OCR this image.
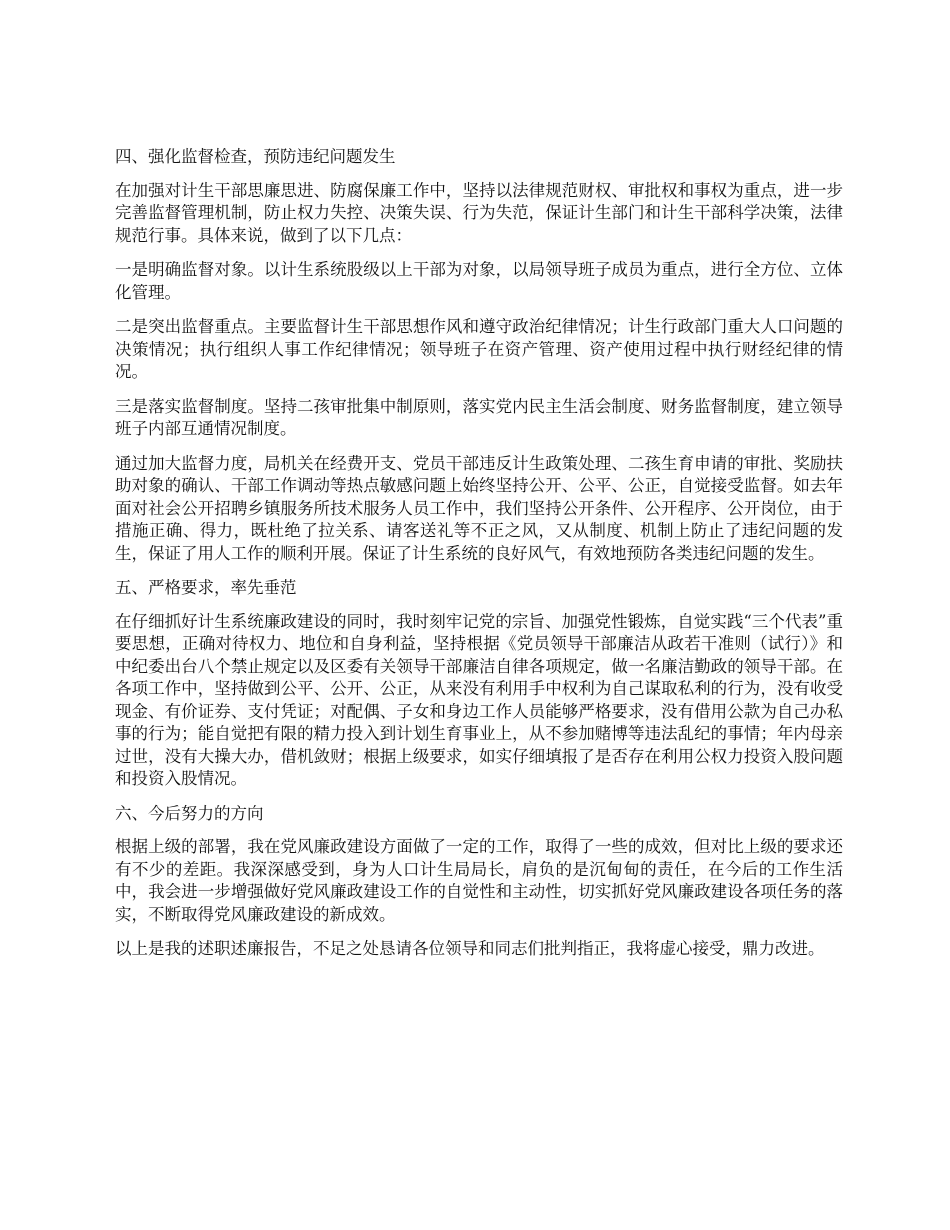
四、强化监督检查，预防违纪问题发生

在加强对计生干部思廉思进、防腐保廉工作中，坚持以法律规范财权、审批权和事权为重点，进一步完善监督管理机制，防止权力失控、决策失误、行为失范，保证计生部门和计生干部科学决策，法律规范行事。具体来说，做到了以下几点：

一是明确监督对象。以计生系统股级以上干部为对象，以局领导班子成员为重点，进行全方位、立体化管理。

二是突出监督重点。主要监督计生干部思想作风和遵守政治纪律情况；计生行政部门重大人口问题的决策情况；执行组织人事工作纪律情况；领导班子在资产管理、资产使用过程中执行财经纪律的情况。

三是落实监督制度。坚持二孩审批集中制原则，落实党内民主生活会制度、财务监督制度，建立领导班子内部互通情况制度。

通过加大监督力度，局机关在经费开支、党员干部违反计生政策处理、二孩生育申请的审批、奖励扶助对象的确认、干部工作调动等热点敏感问题上始终坚持公开、公平、公正，自觉接受监督。如去年面对社会公开招聘乡镇服务所技术服务人员工作中，我们坚持公开条件、公开程序、公开岗位，由于措施正确、得力，既杜绝了拉关系、请客送礼等不正之风，又从制度、机制上防止了违纪问题的发生，保证了用人工作的顺利开展。保证了计生系统的良好风气，有效地预防各类违纪问题的发生。

五、严格要求，率先垂范

在仔细抓好计生系统廉政建设的同时，我时刻牢记党的宗旨、加强党性锻炼，自觉实践“三个代表”重要思想，正确对待权力、地位和自身利益，坚持根据《党员领导干部廉洁从政若干准则（试行）》和中纪委出台八个禁止规定以及区委有关领导干部廉洁自律各项规定，做一名廉洁勤政的领导干部。在各项工作中，坚持做到公平、公开、公正，从来没有利用手中权利为自己谋取私利的行为，没有收受现金、有价证券、支付凭证；对配偶、子女和身边工作人员能够严格要求，没有借用公款为自己办私事的行为；能自觉把有限的精力投入到计划生育事业上，从不参加赌博等违法乱纪的事情；年内母亲过世，没有大操大办，借机敛财；根据上级要求，如实仔细填报了是否存在利用公权力投资入股问题和投资入股情况。

六、今后努力的方向

根据上级的部署，我在党风廉政建设方面做了一定的工作，取得了一些的成效，但对比上级的要求还有不少的差距。我深深感受到，身为人口计生局局长，肩负的是沉甸甸的责任，在今后的工作生活中，我会进一步增强做好党风廉政建设工作的自觉性和主动性，切实抓好党风廉政建设各项任务的落实，不断取得党风廉政建设的新成效。

以上是我的述职述廉报告，不足之处恳请各位领导和同志们批判指正，我将虚心接受，鼎力改进。
